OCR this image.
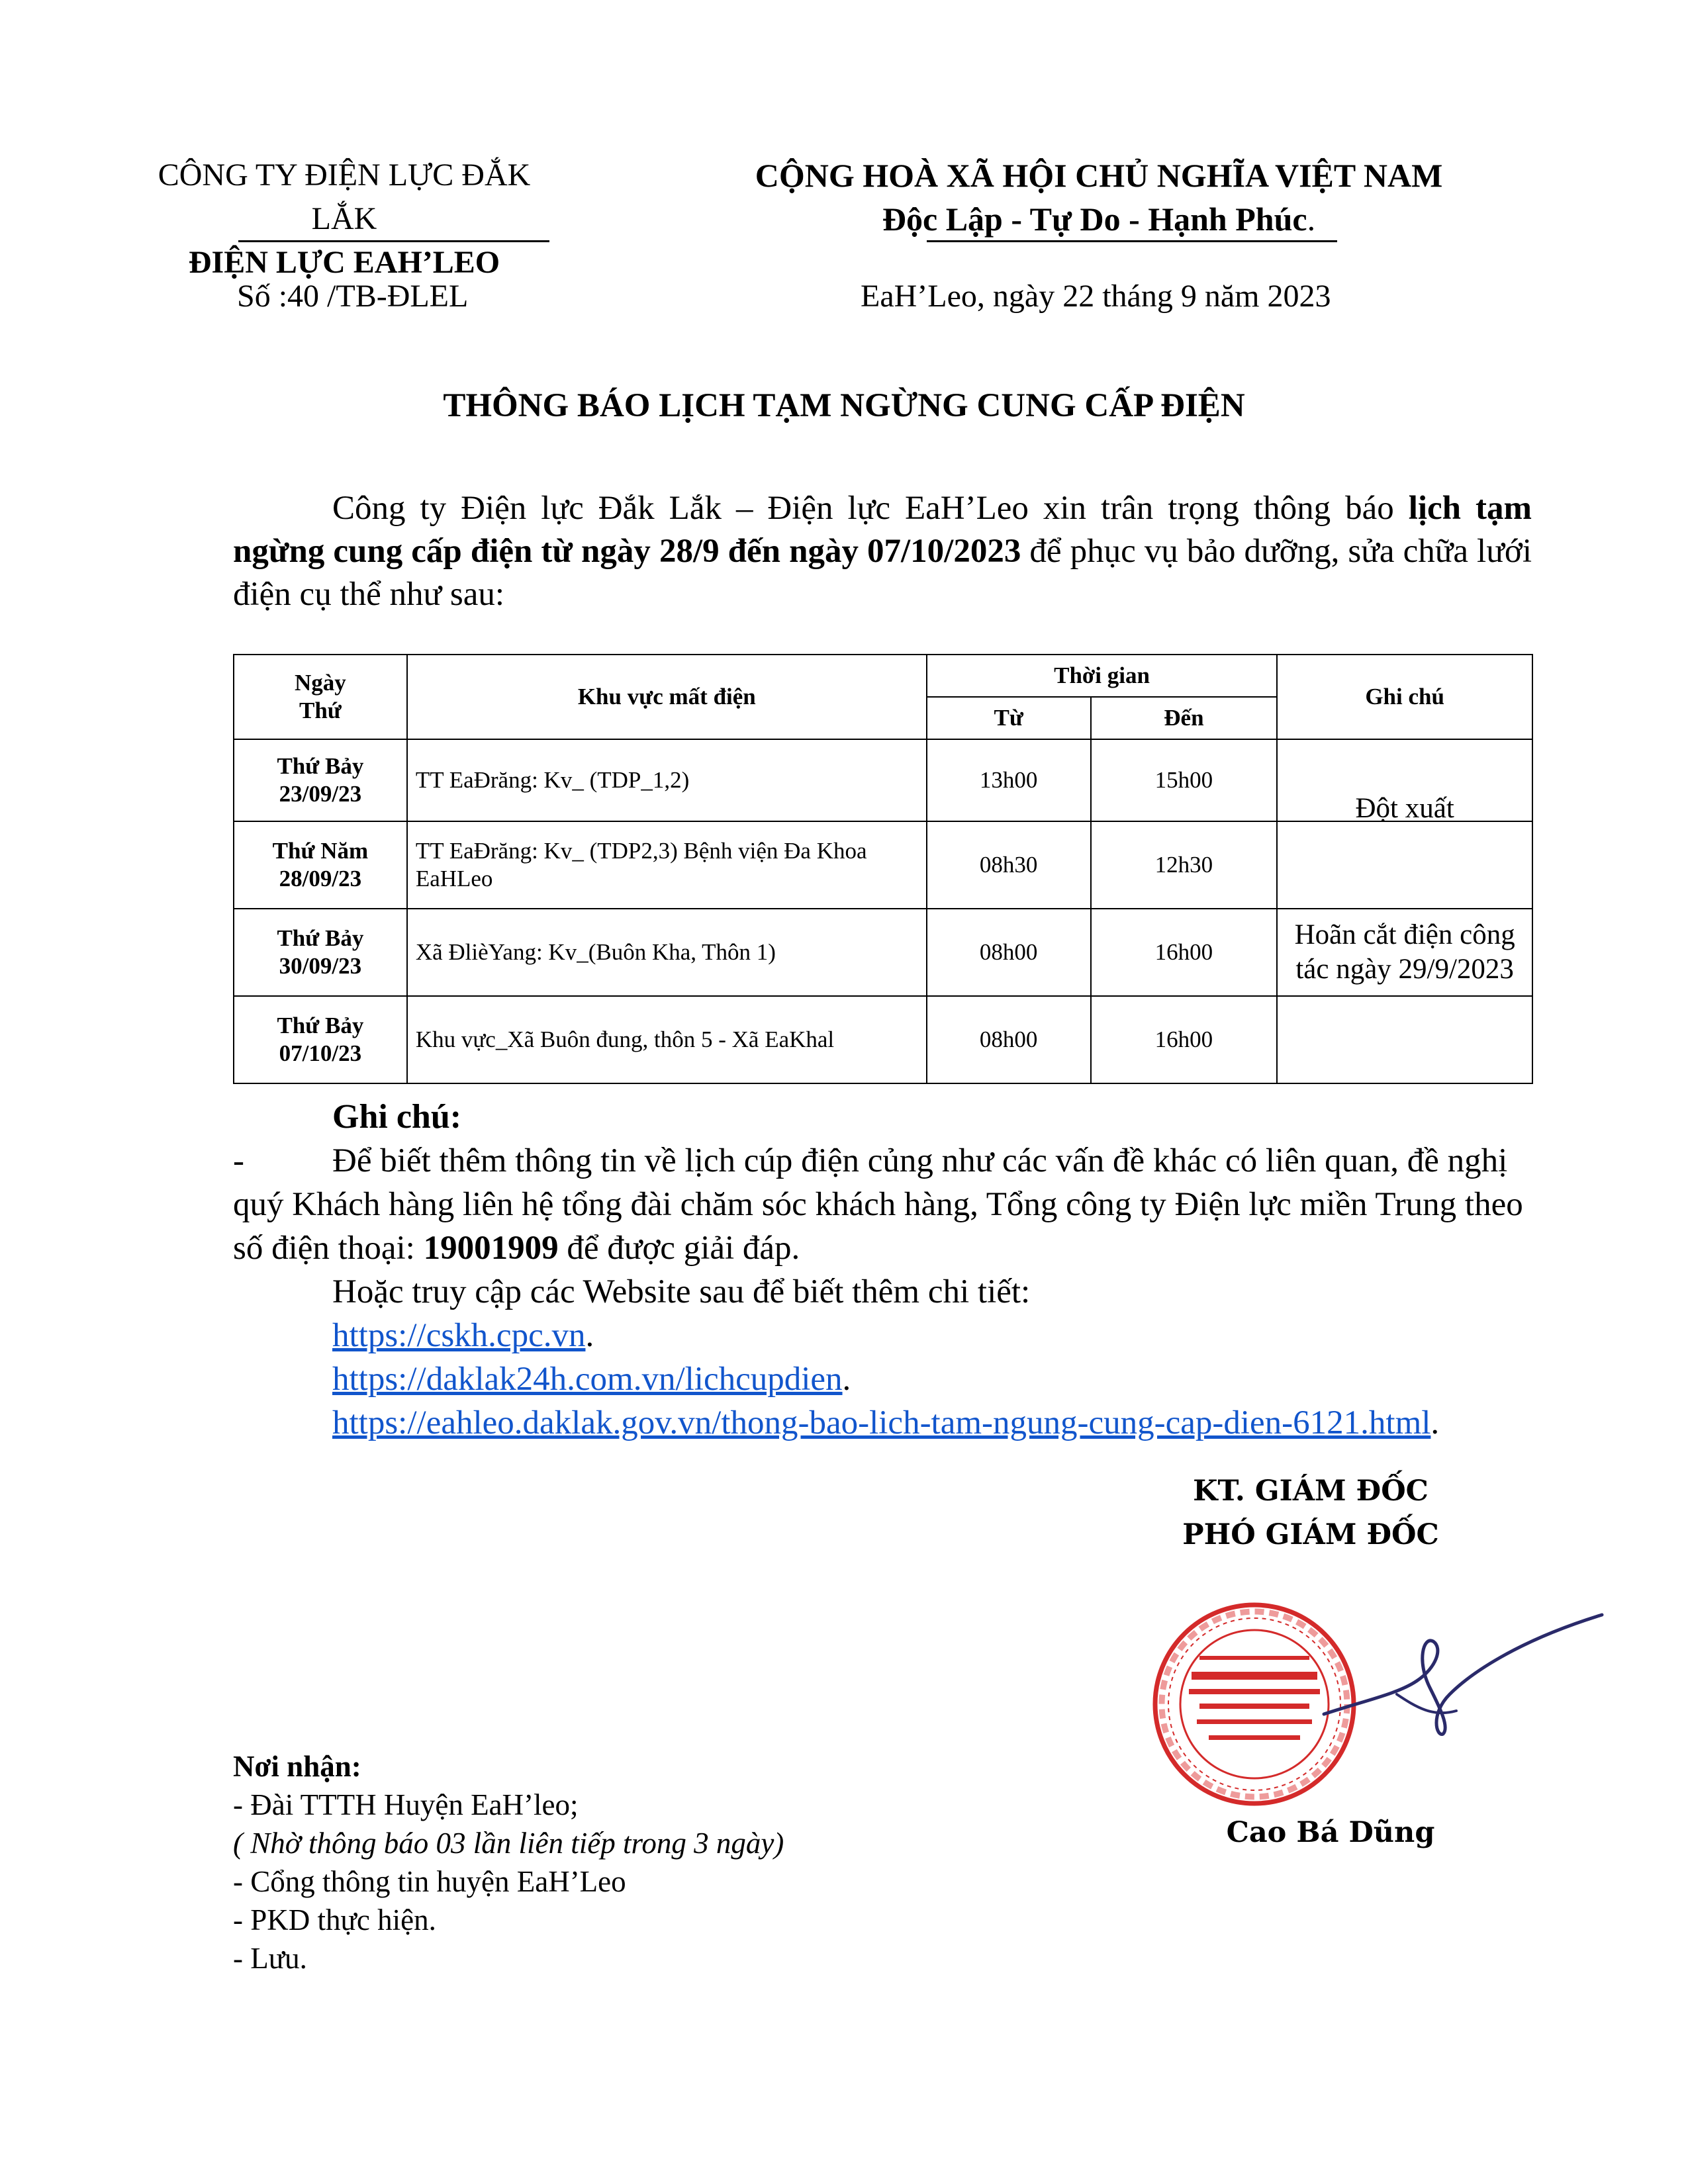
CÔNG TY ĐIỆN LỰC ĐẮK LẮK
ĐIỆN LỰC EAH’LEO
CỘNG HOÀ XÃ HỘI CHỦ NGHĨA VIỆT NAM
Độc Lập - Tự Do - Hạnh Phúc.
Số :40 /TB-ĐLEL	EaH’Leo, ngày 22 tháng 9 năm 2023
THÔNG BÁO LỊCH TẠM NGỪNG CUNG CẤP ĐIỆN
Công ty Điện lực Đắk Lắk – Điện lực EaH’Leo xin trân trọng thông báo lịch tạm ngừng cung cấp điện từ ngày 28/9 đến ngày 07/10/2023 để phục vụ bảo dưỡng, sửa chữa lưới điện cụ thể như sau:
Ngày
Thứ	Khu vực mất điện	Thời gian		Ghi chú
		Từ	Đến	

Thứ Bảy
23/09/23	TT EaĐrăng: Kv_ (TDP_1,2)	13h00	15h00	Đột xuất

Thứ Năm
28/09/23	TT EaĐrăng: Kv_ (TDP2,3) Bệnh viện Đa Khoa EaHLeo	08h30	12h30	

Thứ Bảy
30/09/23	Xã ĐlièYang: Kv_(Buôn Kha, Thôn 1)	08h00	16h00	Hoãn cắt điện công tác ngày 29/9/2023

Thứ Bảy
07/10/23	Khu vực_Xã Buôn đung, thôn 5 - Xã EaKhal	08h00	16h00	
Ghi chú:
-	Để biết thêm thông tin về lịch cúp điện củng như các vấn đề khác có liên quan, đề nghị quý Khách hàng liên hệ tổng đài chăm sóc khách hàng, Tổng công ty Điện lực miền Trung theo số điện thoại: 19001909 để được giải đáp.
Hoặc truy cập các Website sau để biết thêm chi tiết:
https://cskh.cpc.vn.
https://daklak24h.com.vn/lichcupdien.
https://eahleo.daklak.gov.vn/thong-bao-lich-tam-ngung-cung-cap-dien-6121.html.
KT. GIÁM ĐỐC
PHÓ GIÁM ĐỐC
Cao Bá Dũng
Nơi nhận:
- Đài TTTH Huyện EaH’leo;
( Nhờ thông báo 03 lần liên tiếp trong 3 ngày)
- Cổng thông tin huyện EaH’Leo
- PKD thực hiện.
- Lưu.
